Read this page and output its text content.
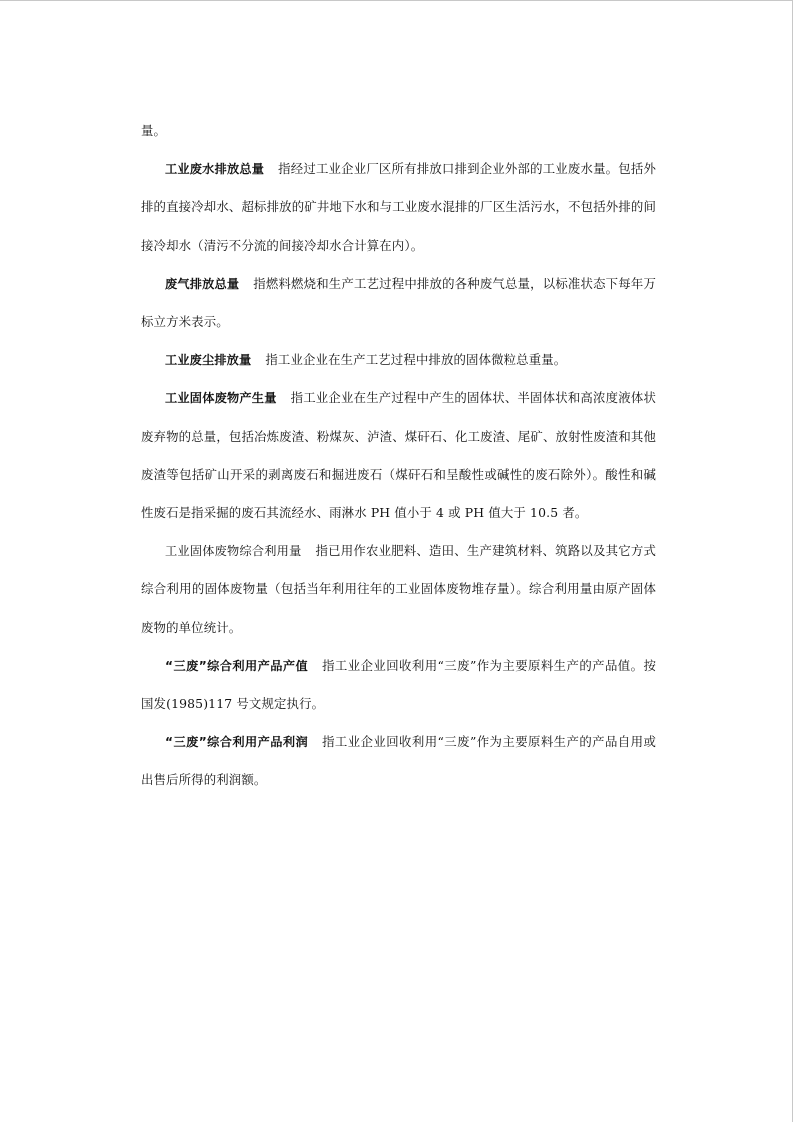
量。

工业废水排放总量 指经过工业企业厂区所有排放口排到企业外部的工业废水量。包括外排的直接冷却水、超标排放的矿井地下水和与工业废水混排的厂区生活污水，不包括外排的间接冷却水（清污不分流的间接冷却水合计算在内）。

废气排放总量 指燃料燃烧和生产工艺过程中排放的各种废气总量，以标准状态下每年万标立方米表示。

工业废尘排放量 指工业企业在生产工艺过程中排放的固体微粒总重量。

工业固体废物产生量 指工业企业在生产过程中产生的固体状、半固体状和高浓度液体状废弃物的总量，包括冶炼废渣、粉煤灰、泸渣、煤矸石、化工废渣、尾矿、放射性废渣和其他废渣等包括矿山开采的剥离废石和掘进废石（煤矸石和呈酸性或碱性的废石除外）。酸性和碱性废石是指采掘的废石其流经水、雨淋水 PH 值小于 4 或 PH 值大于 10.5 者。

工业固体废物综合利用量 指已用作农业肥料、造田、生产建筑材料、筑路以及其它方式综合利用的固体废物量（包括当年利用往年的工业固体废物堆存量）。综合利用量由原产固体废物的单位统计。

“三废”综合利用产品产值 指工业企业回收利用“三废”作为主要原料生产的产品值。按国发(1985)117 号文规定执行。

“三废”综合利用产品利润 指工业企业回收利用“三废”作为主要原料生产的产品自用或出售后所得的利润额。
